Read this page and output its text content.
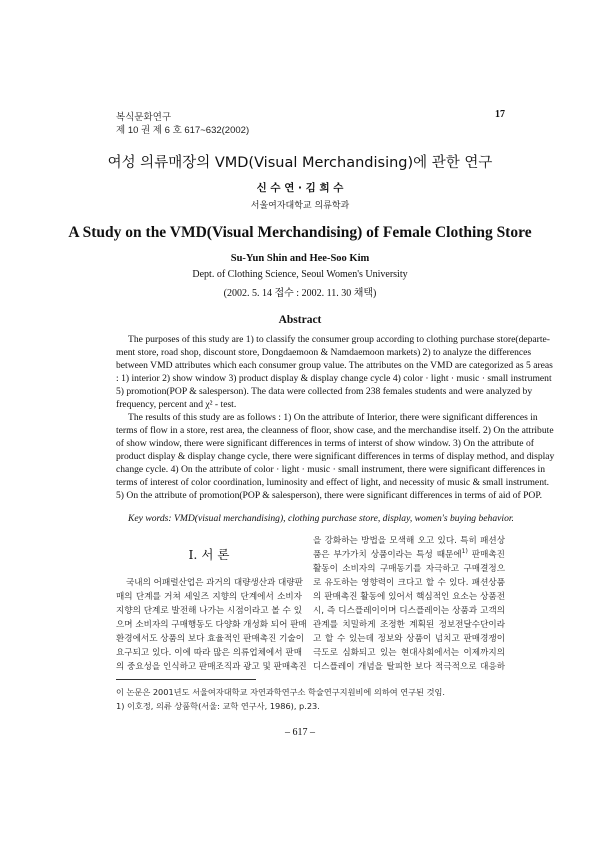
복식문화연구
제 10 권 제 6 호 617~632(2002)
17
여성 의류매장의 VMD(Visual Merchandising)에 관한 연구
신 수 연 · 김 희 수
서울여자대학교 의류학과
A Study on the VMD(Visual Merchandising) of Female Clothing Store
Su-Yun Shin and Hee-Soo Kim
Dept. of Clothing Science, Seoul Women's University
(2002. 5. 14 접수 : 2002. 11. 30 채택)
Abstract
The purposes of this study are 1) to classify the consumer group according to clothing purchase store(departe-
ment store, road shop, discount store, Dongdaemoon & Namdaemoon markets) 2) to analyze the differences
between VMD attributes which each consumer group value. The attributes on the VMD are categorized as 5 areas
: 1) interior 2) show window 3) product display & display change cycle 4) color · light · music · small instrument
5) promotion(POP & salesperson). The data were collected from 238 females students and were analyzed by
frequency, percent and χ² - test.
The results of this study are as follows : 1) On the attribute of Interior, there were significant differences in
terms of flow in a store, rest area, the cleanness of floor, show case, and the merchandise itself. 2) On the attribute
of show window, there were significant differences in terms of interst of show window. 3) On the attribute of
product display & display change cycle, there were significant differences in terms of display method, and display
change cycle. 4) On the attribute of color · light · music · small instrument, there were significant differences in
terms of interest of color coordination, luminosity and effect of light, and necessity of music & small instrument.
5) On the attribute of promotion(POP & salesperson), there were significant differences in terms of aid of POP.
Key words: VMD(visual merchandising), clothing purchase store, display, women's buying behavior.
Ⅰ. 서 론
국내의 어패럴산업은 과거의 대량생산과 대량판
매의 단계를 거쳐 세일즈 지향의 단계에서 소비자
지향의 단계로 발전해 나가는 시점이라고 볼 수 있
으며 소비자의 구매행동도 다양화 개성화 되어 판매
환경에서도 상품의 보다 효율적인 판매촉진 기술이
요구되고 있다. 이에 따라 많은 의류업체에서 판매
의 중요성을 인식하고 판매조직과 광고 및 판매촉진
을 강화하는 방법을 모색해 오고 있다. 특히 패션상
품은 부가가치 상품이라는 특성 때문에$^{1)}$ 판매촉진
활동이 소비자의 구매동기를 자극하고 구매결정으
로 유도하는 영향력이 크다고 할 수 있다. 패션상품
의 판매촉진 활동에 있어서 핵심적인 요소는 상품전
시, 즉 디스플레이이며 디스플레이는 상품과 고객의
관계를 치밀하게 조정한 계획된 정보전달수단이라
고 할 수 있는데 정보와 상품이 넘치고 판매경쟁이
극도로 심화되고 있는 현대사회에서는 이제까지의
디스플레이 개념을 탈피한 보다 적극적으로 대응하
이 논문은 2001년도 서울여자대학교 자연과학연구소 학술연구지원비에 의하여 연구된 것임.
1) 이호정, 의류 상품학(서울: 교학 연구사, 1986), p.23.
– 617 –
